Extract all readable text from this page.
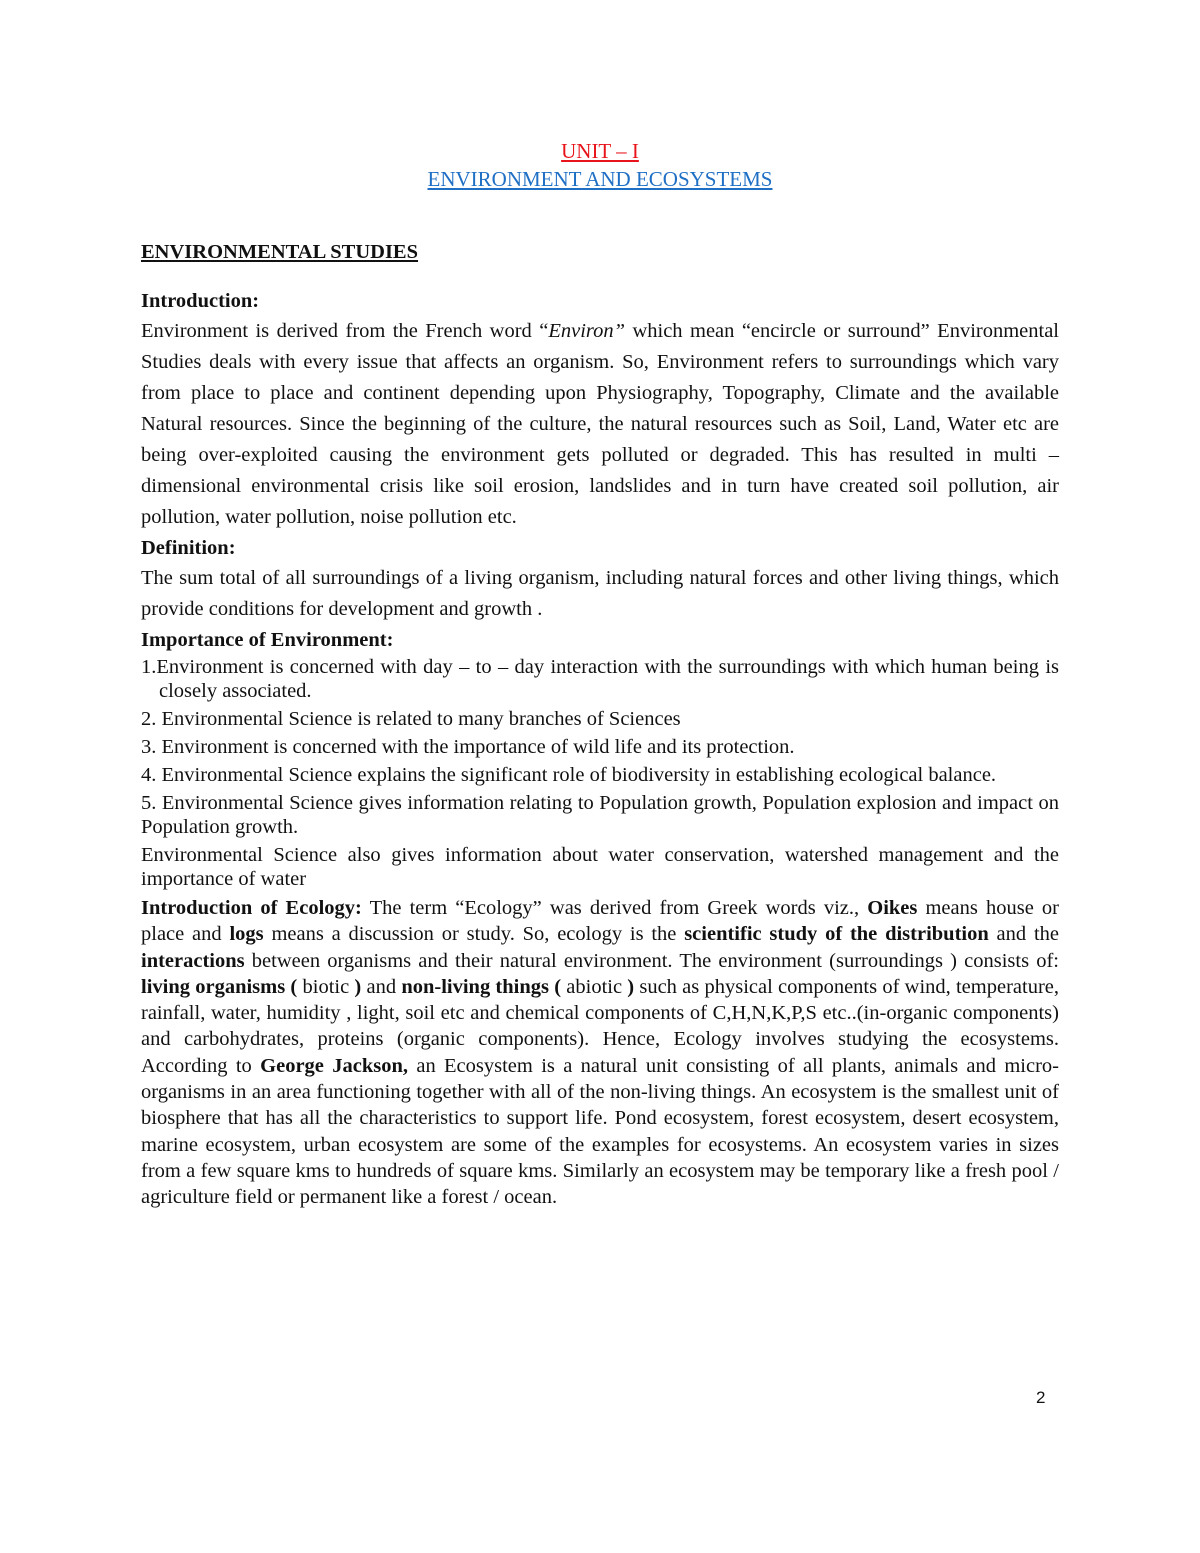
UNIT – I
ENVIRONMENT AND ECOSYSTEMS
ENVIRONMENTAL STUDIES
Introduction:

Environment is derived from the French word “Environ” which mean “encircle or surround” Environmental Studies deals with every issue that affects an organism. So, Environment refers to surroundings which vary from place to place and continent depending upon Physiography, Topography, Climate and the available Natural resources. Since the beginning of the culture, the natural resources such as Soil, Land, Water etc are being over-exploited causing the environment gets polluted or degraded. This has resulted in multi – dimensional environmental crisis like soil erosion, landslides and in turn have created soil pollution, air pollution, water pollution, noise pollution etc.

Definition:

The sum total of all surroundings of a living organism, including natural forces and other living things, which provide conditions for development and growth .

Importance of Environment:
1.Environment is concerned with day – to – day interaction with the surroundings with which human being is closely associated.
2. Environmental Science is related to many branches of Sciences
3. Environment is concerned with the importance of wild life and its protection.
4. Environmental Science explains the significant role of biodiversity in establishing ecological balance.
5. Environmental Science gives information relating to Population growth, Population explosion and impact on Population growth.
Environmental Science also gives information about water conservation, watershed management and the importance of water

Introduction of Ecology: The term “Ecology” was derived from Greek words viz., Oikes means house or place and logs means a discussion or study. So, ecology is the scientific study of the distribution and the interactions between organisms and their natural environment. The environment (surroundings ) consists of: living organisms ( biotic ) and non-living things ( abiotic ) such as physical components of wind, temperature, rainfall, water, humidity , light, soil etc and chemical components of C,H,N,K,P,S etc..(in-organic components) and carbohydrates, proteins (organic components). Hence, Ecology involves studying the ecosystems. According to George Jackson, an Ecosystem is a natural unit consisting of all plants, animals and micro-organisms in an area functioning together with all of the non-living things. An ecosystem is the smallest unit of biosphere that has all the characteristics to support life. Pond ecosystem, forest ecosystem, desert ecosystem, marine ecosystem, urban ecosystem are some of the examples for ecosystems. An ecosystem varies in sizes from a few square kms to hundreds of square kms. Similarly an ecosystem may be temporary like a fresh pool / agriculture field or permanent like a forest / ocean.

2
